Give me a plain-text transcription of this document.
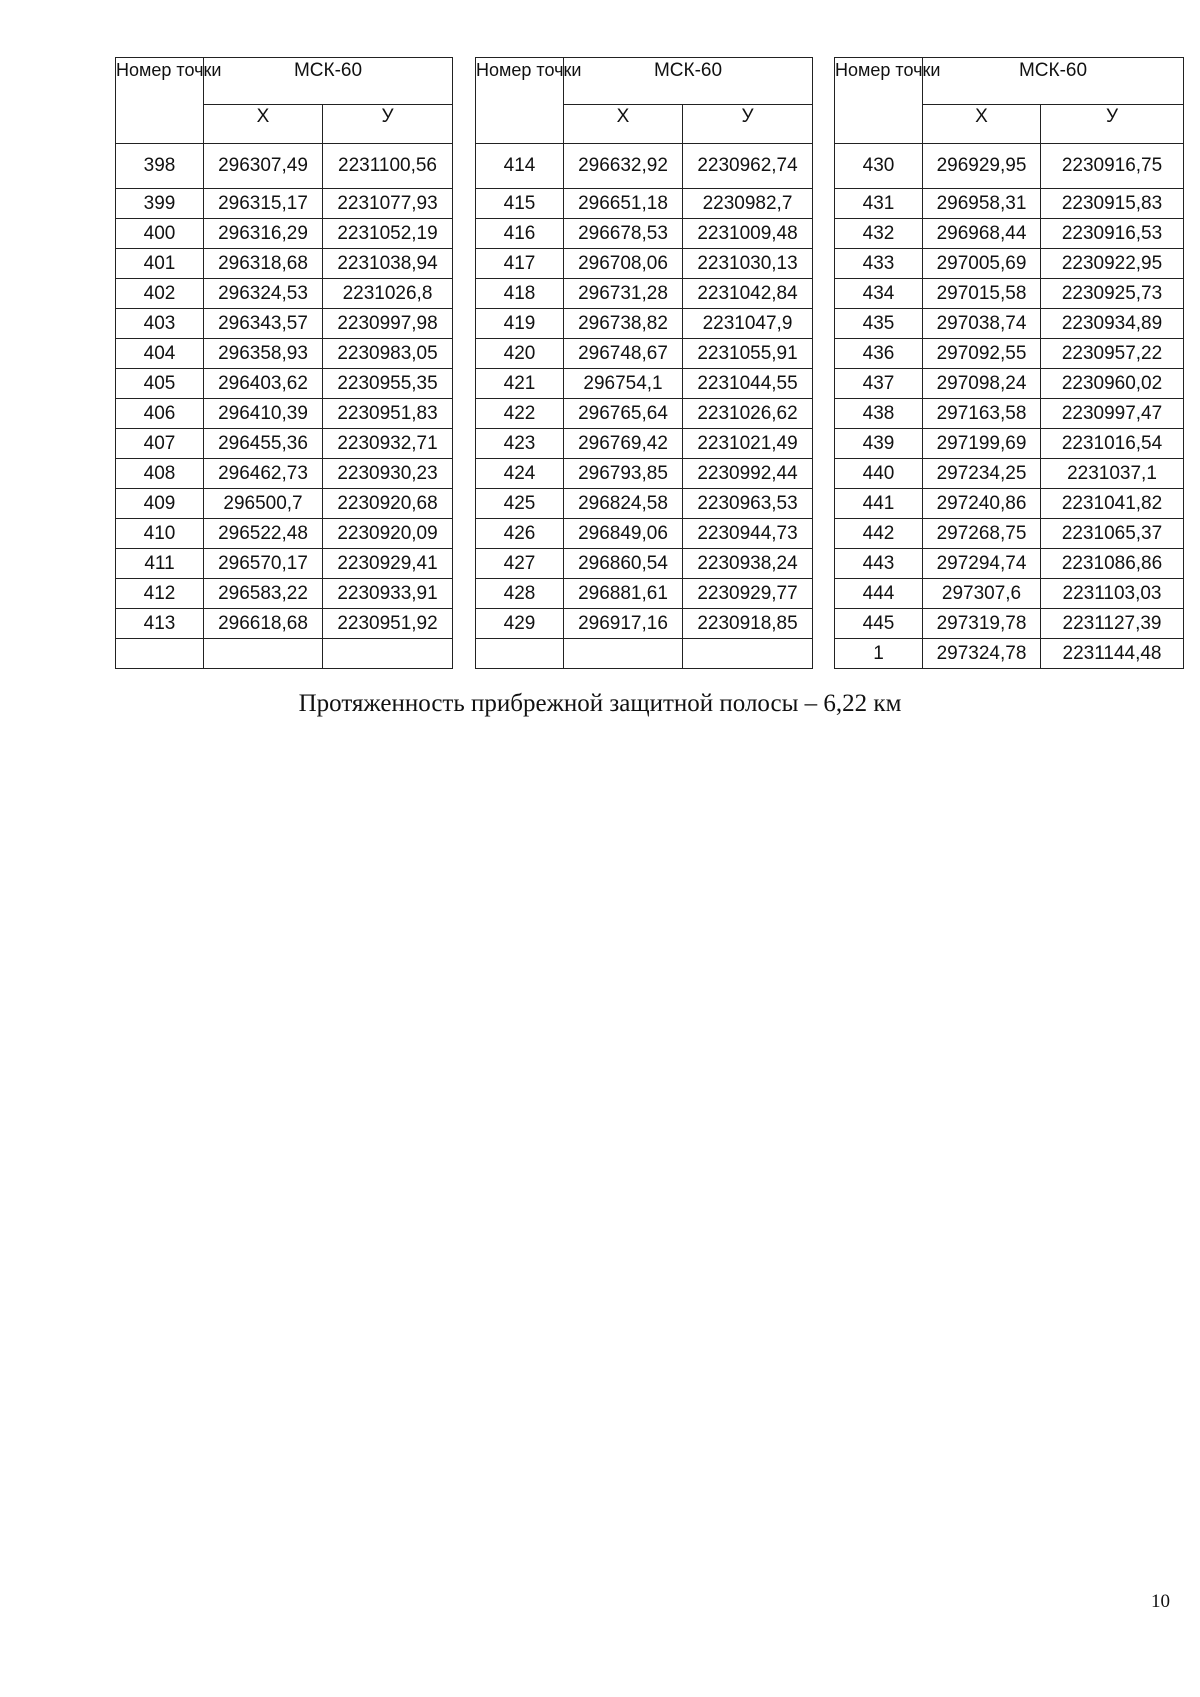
Номер точки	МСК-60	
	Х	У
398	296307,49	2231100,56
399	296315,17	2231077,93
400	296316,29	2231052,19
401	296318,68	2231038,94
402	296324,53	2231026,8
403	296343,57	2230997,98
404	296358,93	2230983,05
405	296403,62	2230955,35
406	296410,39	2230951,83
407	296455,36	2230932,71
408	296462,73	2230930,23
409	296500,7	2230920,68
410	296522,48	2230920,09
411	296570,17	2230929,41
412	296583,22	2230933,91
413	296618,68	2230951,92

Номер точки	МСК-60	
	Х	У
414	296632,92	2230962,74
415	296651,18	2230982,7
416	296678,53	2231009,48
417	296708,06	2231030,13
418	296731,28	2231042,84
419	296738,82	2231047,9
420	296748,67	2231055,91
421	296754,1	2231044,55
422	296765,64	2231026,62
423	296769,42	2231021,49
424	296793,85	2230992,44
425	296824,58	2230963,53
426	296849,06	2230944,73
427	296860,54	2230938,24
428	296881,61	2230929,77
429	296917,16	2230918,85

Номер точки	МСК-60	
	Х	У
430	296929,95	2230916,75
431	296958,31	2230915,83
432	296968,44	2230916,53
433	297005,69	2230922,95
434	297015,58	2230925,73
435	297038,74	2230934,89
436	297092,55	2230957,22
437	297098,24	2230960,02
438	297163,58	2230997,47
439	297199,69	2231016,54
440	297234,25	2231037,1
441	297240,86	2231041,82
442	297268,75	2231065,37
443	297294,74	2231086,86
444	297307,6	2231103,03
445	297319,78	2231127,39
1	297324,78	2231144,48
Протяженность прибрежной защитной полосы – 6,22 км
10
